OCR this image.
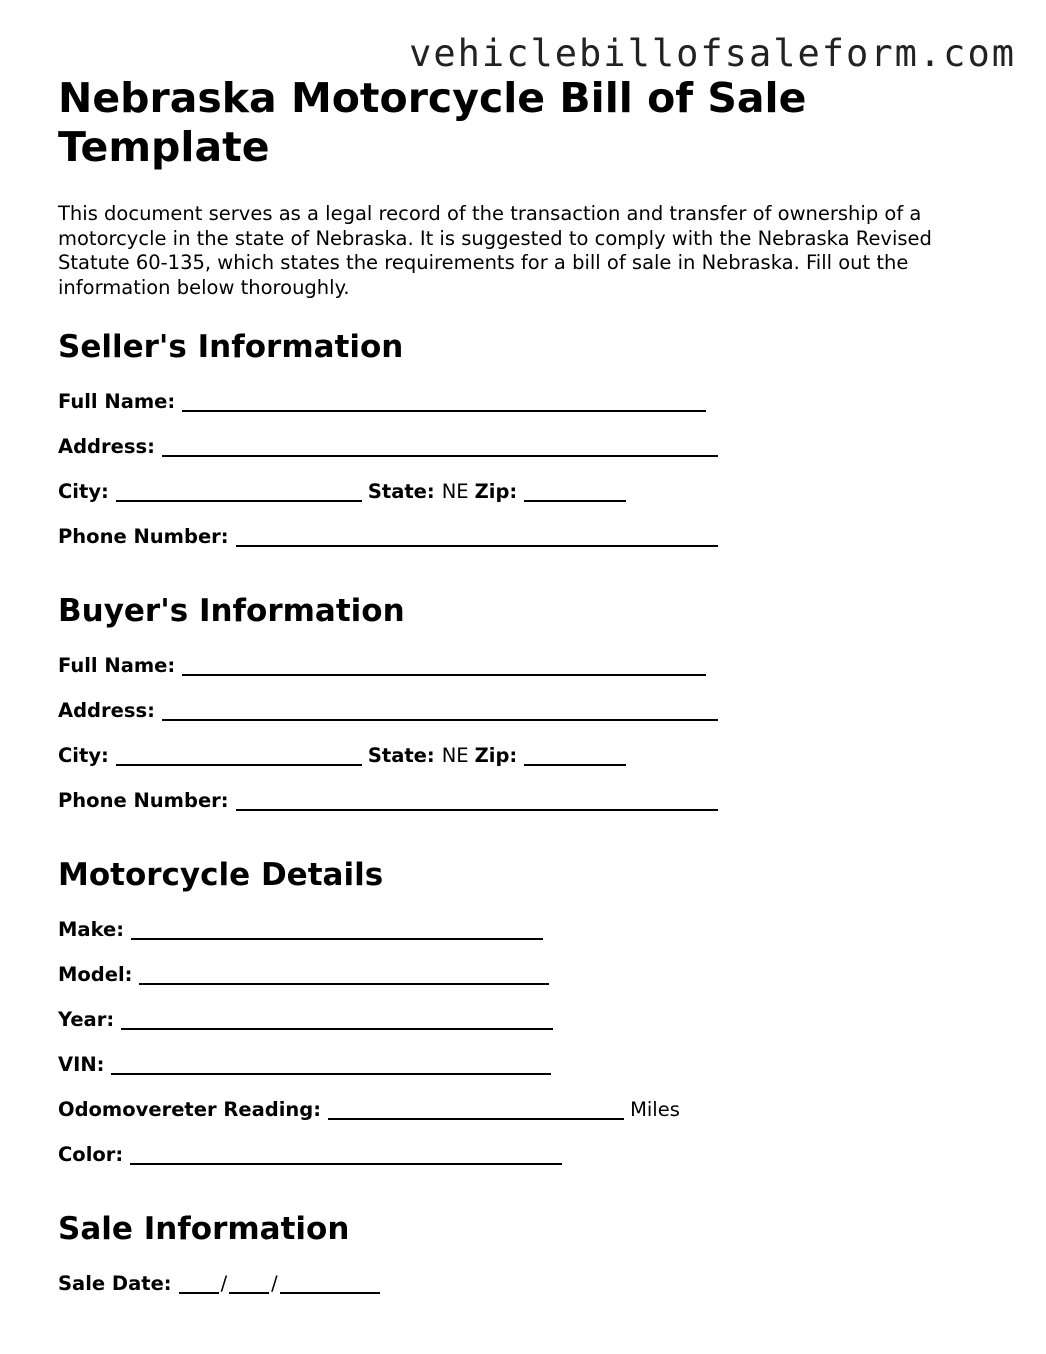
vehiclebillofsaleform.com
Nebraska Motorcycle Bill of Sale Template

This document serves as a legal record of the transaction and transfer of ownership of a motorcycle in the state of Nebraska. It is suggested to comply with the Nebraska Revised Statute 60-135, which states the requirements for a bill of sale in Nebraska. Fill out the information below thoroughly.

Seller's Information
Full Name:
Address:
City:	State: NE Zip:
Phone Number:
Buyer's Information
Full Name:
Address:
City:	State: NE Zip:
Phone Number:
Motorcycle Details
Make:
Model:
Year:
VIN:
Odomovereter Reading:	Miles
Color:
Sale Information
Sale Date:	/ /
